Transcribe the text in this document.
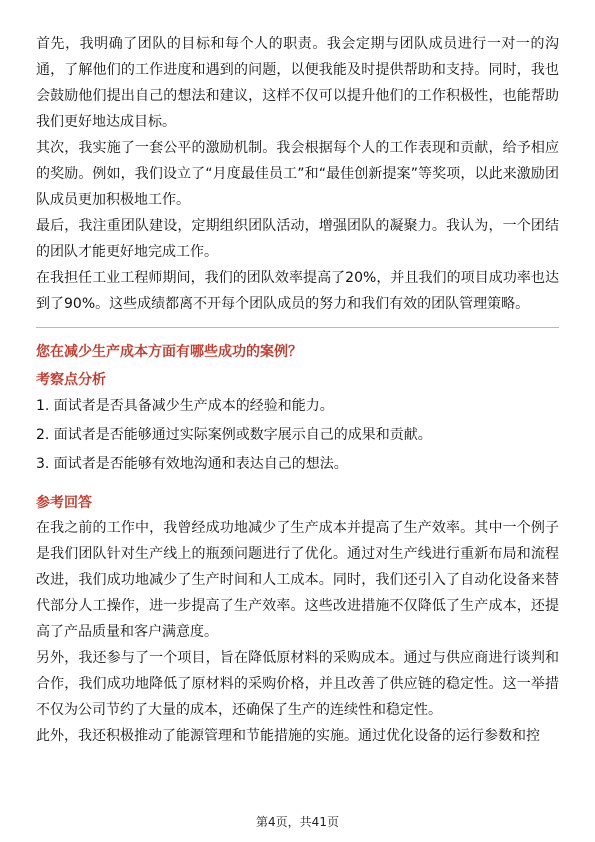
首先，我明确了团队的目标和每个人的职责。我会定期与团队成员进行一对一的沟通，了解他们的工作进度和遇到的问题，以便我能及时提供帮助和支持。同时，我也会鼓励他们提出自己的想法和建议，这样不仅可以提升他们的工作积极性，也能帮助我们更好地达成目标。

其次，我实施了一套公平的激励机制。我会根据每个人的工作表现和贡献，给予相应的奖励。例如，我们设立了“月度最佳员工”和“最佳创新提案”等奖项，以此来激励团队成员更加积极地工作。

最后，我注重团队建设，定期组织团队活动，增强团队的凝聚力。我认为，一个团结的团队才能更好地完成工作。

在我担任工业工程师期间，我们的团队效率提高了20%，并且我们的项目成功率也达到了90%。这些成绩都离不开每个团队成员的努力和我们有效的团队管理策略。

您在减少生产成本方面有哪些成功的案例？

考察点分析

1. 面试者是否具备减少生产成本的经验和能力。

2. 面试者是否能够通过实际案例或数字展示自己的成果和贡献。

3. 面试者是否能够有效地沟通和表达自己的想法。

参考回答

在我之前的工作中，我曾经成功地减少了生产成本并提高了生产效率。其中一个例子是我们团队针对生产线上的瓶颈问题进行了优化。通过对生产线进行重新布局和流程改进，我们成功地减少了生产时间和人工成本。同时，我们还引入了自动化设备来替代部分人工操作，进一步提高了生产效率。这些改进措施不仅降低了生产成本，还提高了产品质量和客户满意度。

另外，我还参与了一个项目，旨在降低原材料的采购成本。通过与供应商进行谈判和合作，我们成功地降低了原材料的采购价格，并且改善了供应链的稳定性。这一举措不仅为公司节约了大量的成本，还确保了生产的连续性和稳定性。

此外，我还积极推动了能源管理和节能措施的实施。通过优化设备的运行参数和控

第4页，共41页
